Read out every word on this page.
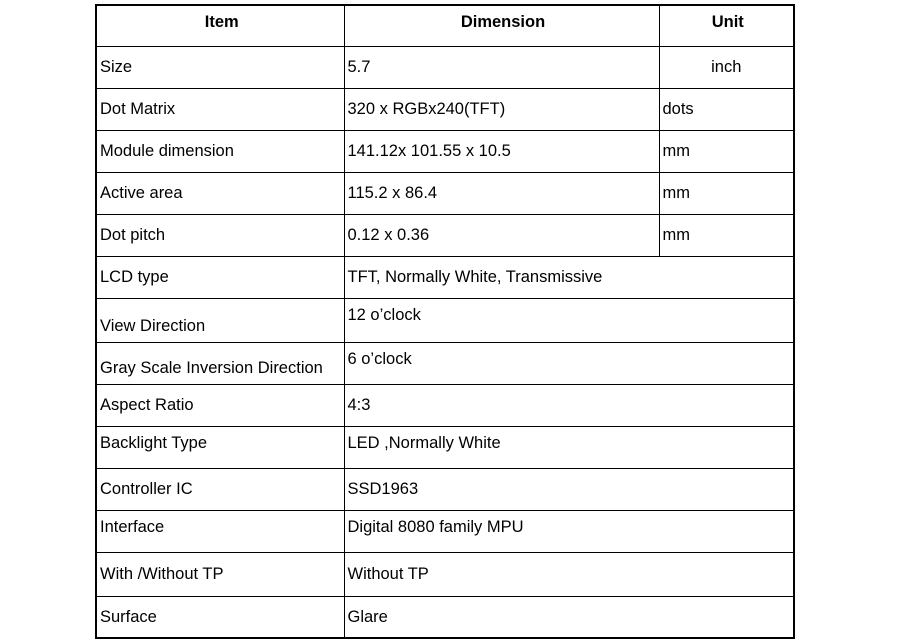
Item	Dimension	Unit
Size	5.7	inch
Dot Matrix	320 x RGBx240(TFT)	dots
Module dimension	141.12x 101.55 x 10.5	mm
Active area	115.2 x 86.4	mm
Dot pitch	0.12 x 0.36	mm
LCD type	TFT, Normally White, Transmissive	
View Direction	12 o’clock	
Gray Scale Inversion Direction	6 o’clock	
Aspect Ratio	4:3	
Backlight Type	LED ,Normally White	
Controller IC	SSD1963	
Interface	Digital 8080 family MPU	
With /Without TP	Without TP	
Surface	Glare	
